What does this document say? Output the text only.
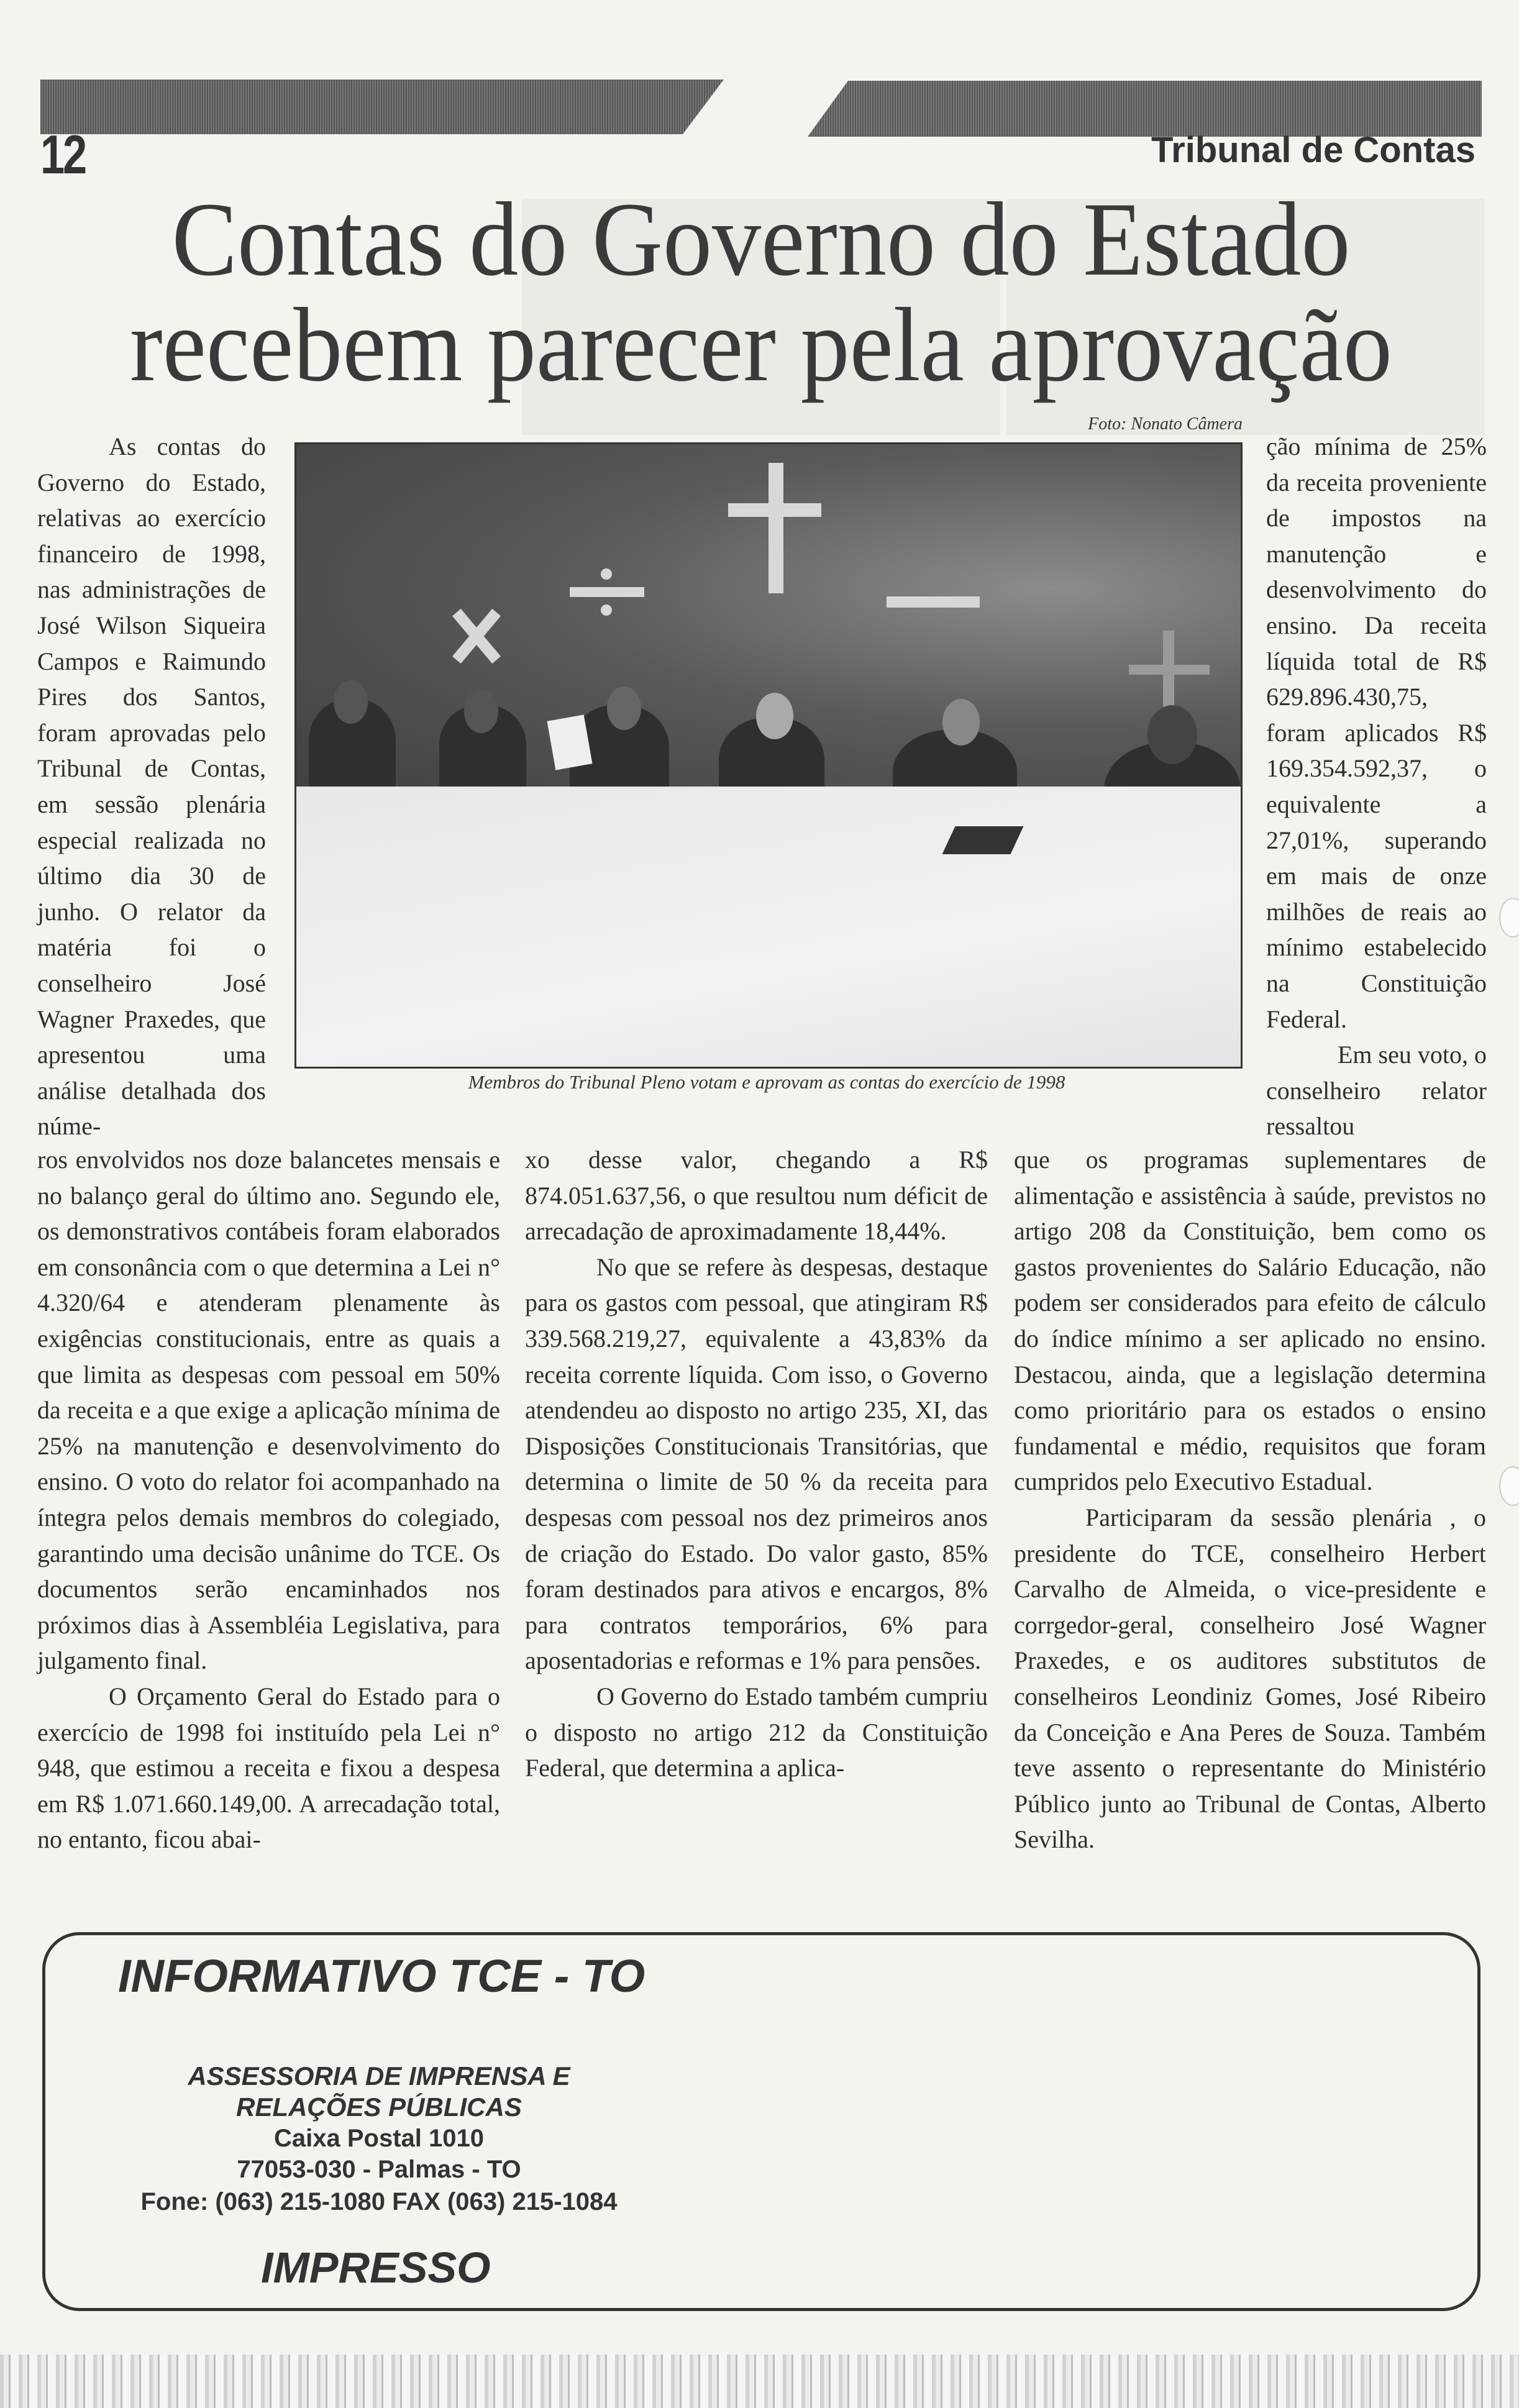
12	Tribunal de Contas
Contas do Governo do Estado
recebem parecer pela aprovação
Foto: Nonato Câmera
Membros do Tribunal Pleno votam e aprovam as contas do exercício de 1998

As contas do Governo do Estado, relativas ao exercício financeiro de 1998, nas administrações de José Wilson Siqueira Campos e Raimundo Pires dos Santos, foram aprovadas pelo Tribunal de Contas, em sessão plenária especial realizada no último dia 30 de junho. O relator da matéria foi o conselheiro José Wagner Praxedes, que apresentou uma análise detalhada dos núme-

ros envolvidos nos doze balancetes mensais e no balanço geral do último ano. Segundo ele, os demonstrativos contábeis foram elaborados em consonância com o que determina a Lei n° 4.320/64 e atenderam plenamente às exigências constitucionais, entre as quais a que limita as despesas com pessoal em 50% da receita e a que exige a aplicação mínima de 25% na manutenção e desenvolvimento do ensino. O voto do relator foi acompanhado na íntegra pelos demais membros do colegiado, garantindo uma decisão unânime do TCE. Os documentos serão encaminhados nos próximos dias à Assembléia Legislativa, para julgamento final.

O Orçamento Geral do Estado para o exercício de 1998 foi instituído pela Lei n° 948, que estimou a receita e fixou a despesa em R$ 1.071.660.149,00. A arrecadação total, no entanto, ficou abai-

xo desse valor, chegando a R$ 874.051.637,56, o que resultou num déficit de arrecadação de aproximadamente 18,44%.

No que se refere às despesas, destaque para os gastos com pessoal, que atingiram R$ 339.568.219,27, equivalente a 43,83% da receita corrente líquida. Com isso, o Governo atendendeu ao disposto no artigo 235, XI, das Disposições Constitucionais Transitórias, que determina o limite de 50 % da receita para despesas com pessoal nos dez primeiros anos de criação do Estado. Do valor gasto, 85% foram destinados para ativos e encargos, 8% para contratos temporários, 6% para aposentadorias e reformas e 1% para pensões.

O Governo do Estado também cumpriu o disposto no artigo 212 da Constituição Federal, que determina a aplica-

ção mínima de 25% da receita proveniente de impostos na manutenção e desenvolvimento do ensino. Da receita líquida total de R$ 629.896.430,75, foram aplicados R$ 169.354.592,37, o equivalente a 27,01%, superando em mais de onze milhões de reais ao mínimo estabelecido na Constituição Federal.

Em seu voto, o conselheiro relator ressaltou

que os programas suplementares de alimentação e assistência à saúde, previstos no artigo 208 da Constituição, bem como os gastos provenientes do Salário Educação, não podem ser considerados para efeito de cálculo do índice mínimo a ser aplicado no ensino. Destacou, ainda, que a legislação determina como prioritário para os estados o ensino fundamental e médio, requisitos que foram cumpridos pelo Executivo Estadual.

Participaram da sessão plenária , o presidente do TCE, conselheiro Herbert Carvalho de Almeida, o vice-presidente e corrgedor-geral, conselheiro José Wagner Praxedes, e os auditores substitutos de conselheiros Leondiniz Gomes, José Ribeiro da Conceição e Ana Peres de Souza. Também teve assento o representante do Ministério Público junto ao Tribunal de Contas, Alberto Sevilha.

INFORMATIVO TCE - TO
ASSESSORIA DE IMPRENSA E
RELAÇÕES PÚBLICAS
Caixa Postal 1010
77053-030 - Palmas - TO
Fone: (063) 215-1080 FAX (063) 215-1084
IMPRESSO
